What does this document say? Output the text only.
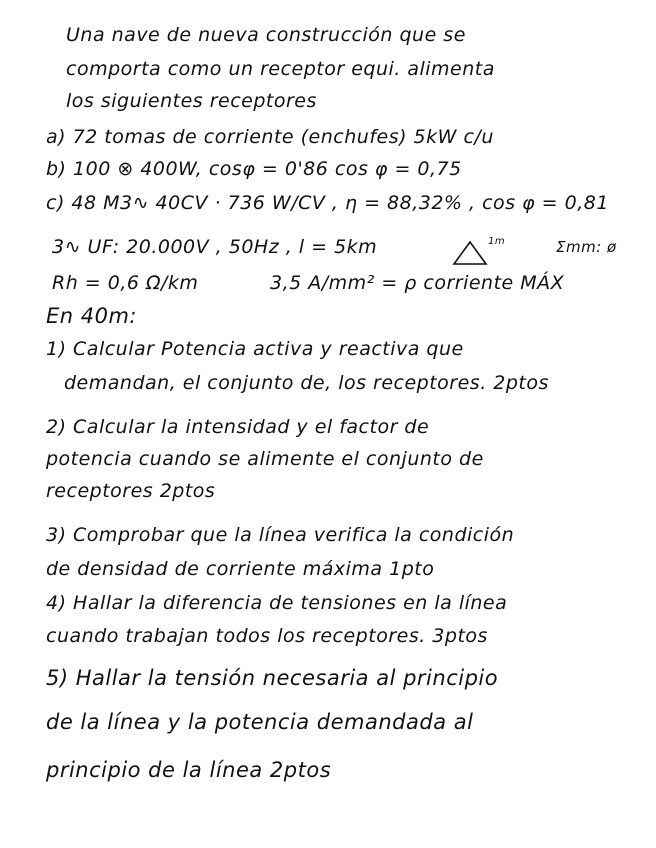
Una nave de nueva construcción que se
comporta como un receptor equi. alimenta
los siguientes receptores
a) 72 tomas de corriente (enchufes) 5kW c/u
b) 100 ⊗ 400W, cosφ = 0'86 cos φ = 0,75
c) 48 M3∿ 40CV · 736 W/CV , η = 88,32% , cos φ = 0,81
3∿ UF: 20.000V , 50Hz , l = 5km	1m	Σmm: ø
Rh = 0,6 Ω/km	3,5 A/mm² = ρ corriente MÁX
En 40m:
1) Calcular Potencia activa y reactiva que
demandan, el conjunto de, los receptores. 2ptos
2) Calcular la intensidad y el factor de
potencia cuando se alimente el conjunto de
receptores 2ptos
3) Comprobar que la línea verifica la condición
de densidad de corriente máxima 1pto
4) Hallar la diferencia de tensiones en la línea
cuando trabajan todos los receptores. 3ptos
5) Hallar la tensión necesaria al principio
de la línea y la potencia demandada al
principio de la línea 2ptos
